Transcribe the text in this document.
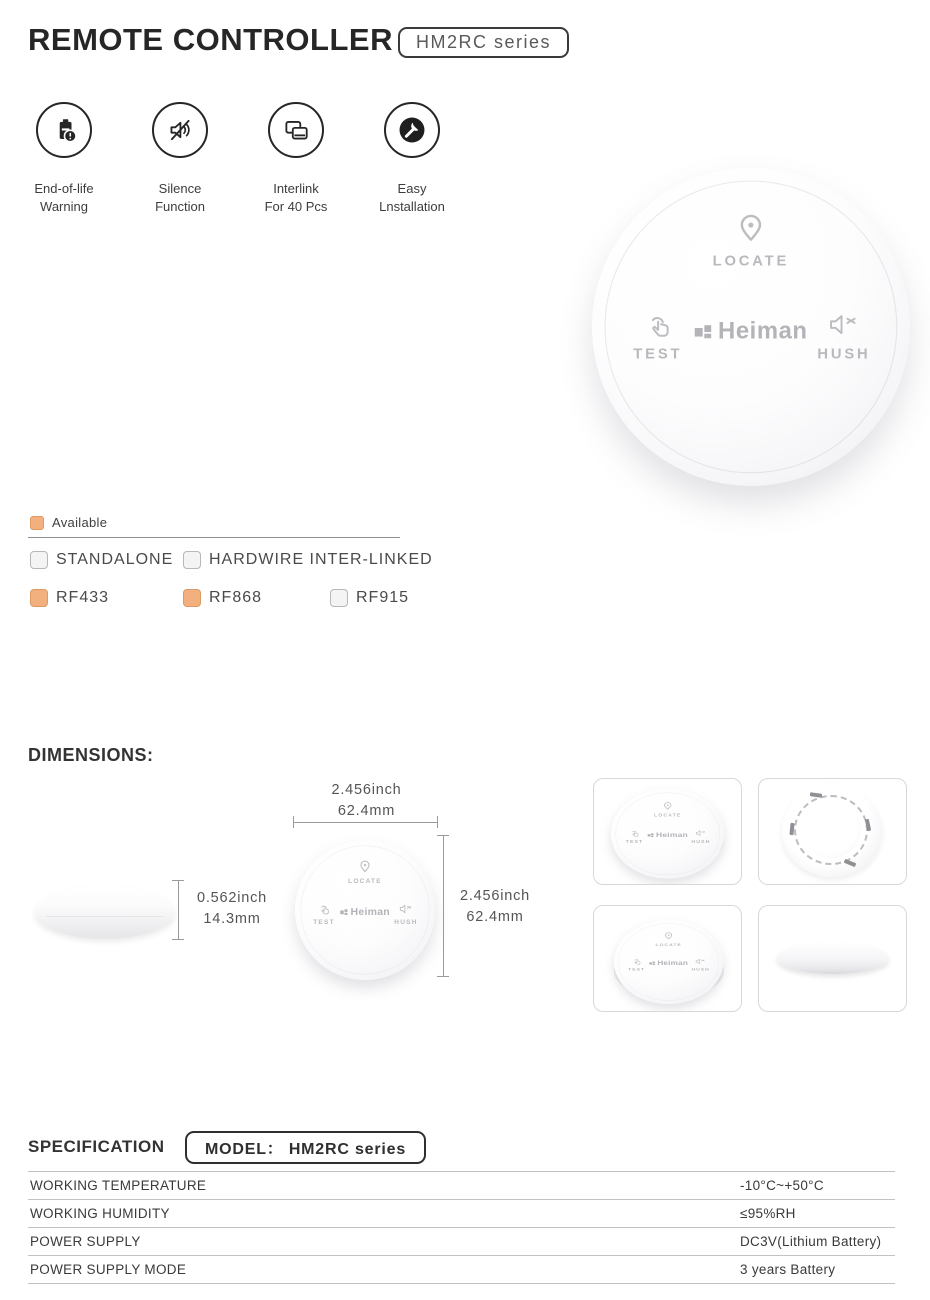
REMOTE CONTROLLER	HM2RC series
End-of-life
Warning
Silence
Function
Interlink
For 40 Pcs
Easy
Lnstallation
LOCATE
TEST
Heiman
HUSH
Available
STANDALONE HARDWIRE INTER-LINKED
RF433	RF868	RF915
DIMENSIONS:
0.562inch
14.3mm
2.456inch
62.4mm
LOCATE
TEST
Heiman
HUSH
2.456inch
62.4mm
LOCATE
TEST
Heiman
HUSH
LOCATE
TEST
Heiman
HUSH
SPECIFICATION	MODEL： HM2RC series
WORKING TEMPERATURE	-10°C~+50°C
WORKING HUMIDITY	≤95%RH
POWER SUPPLY	DC3V(Lithium Battery)
POWER SUPPLY MODE	3 years Battery
